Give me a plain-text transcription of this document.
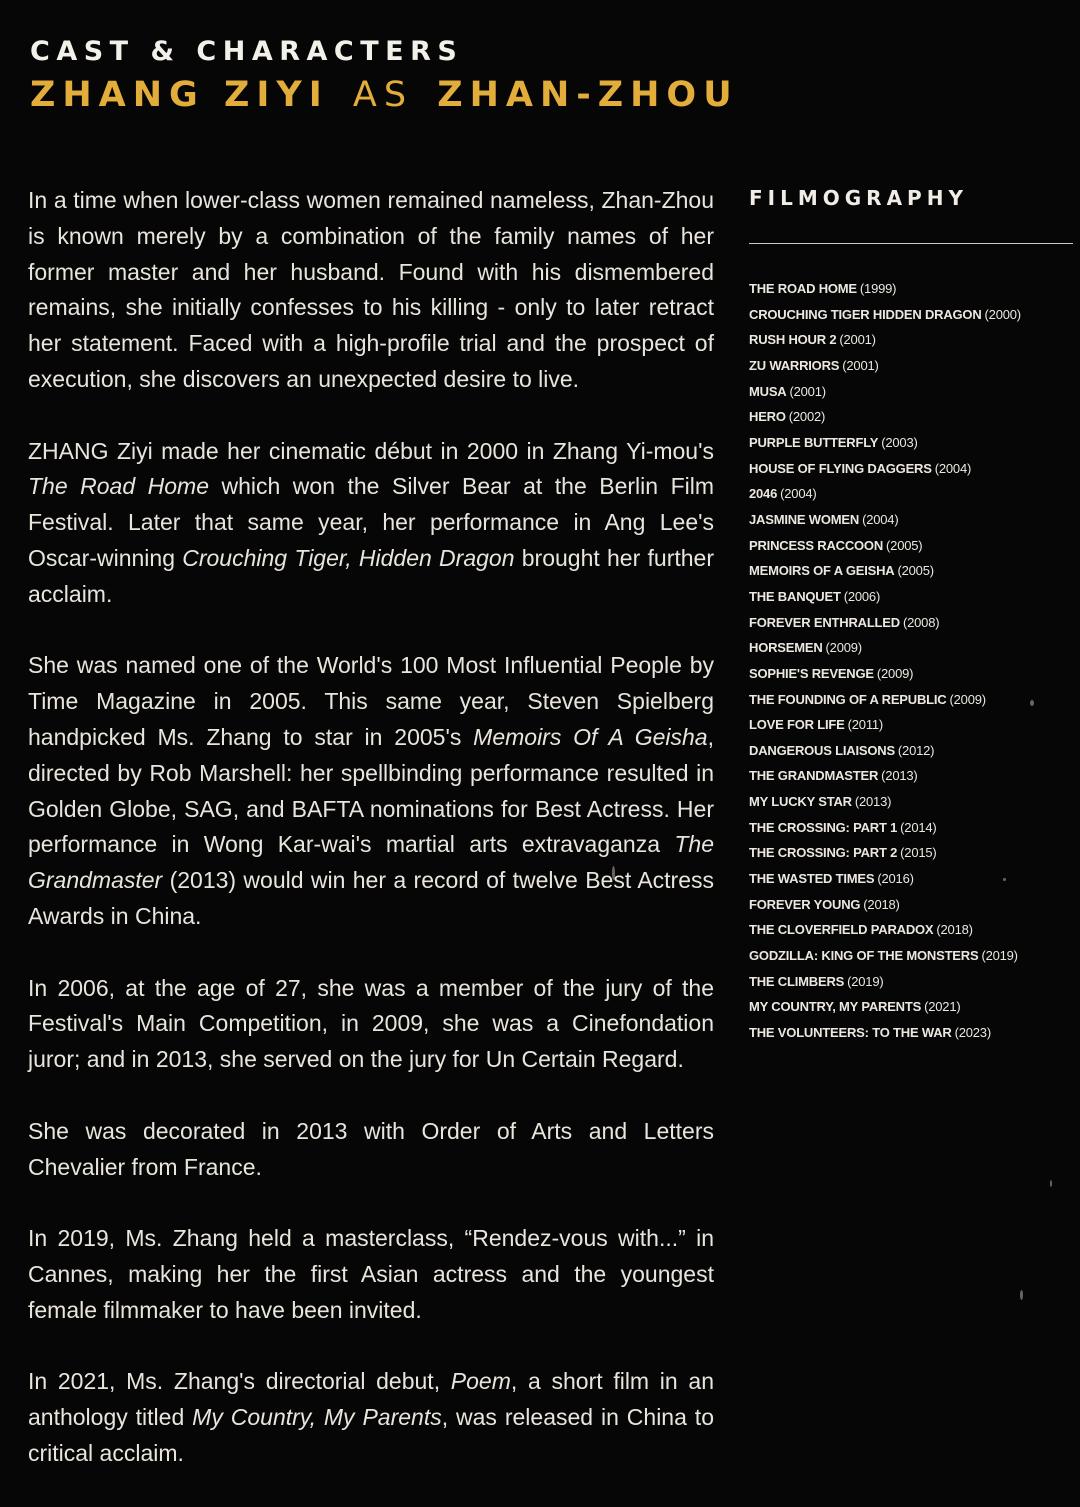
CAST & CHARACTERS
ZHANG ZIYI AS ZHAN-ZHOU

In a time when lower-class women remained nameless, Zhan-Zhou is known merely by a combination of the family names of her former master and her husband. Found with his dismembered remains, she initially confesses to his killing - only to later retract her statement. Faced with a high-profile trial and the prospect of execution, she discovers an unexpected desire to live.

ZHANG Ziyi made her cinematic début in 2000 in Zhang Yi-mou's The Road Home which won the Silver Bear at the Berlin Film Festival. Later that same year, her performance in Ang Lee's Oscar-winning Crouching Tiger, Hidden Dragon brought her further acclaim.

She was named one of the World's 100 Most Influential People by Time Magazine in 2005. This same year, Steven Spielberg handpicked Ms. Zhang to star in 2005's Memoirs Of A Geisha, directed by Rob Marshell: her spellbinding performance resulted in Golden Globe, SAG, and BAFTA nominations for Best Actress. Her performance in Wong Kar-wai's martial arts extravaganza The Grandmaster (2013) would win her a record of twelve Best Actress Awards in China.

In 2006, at the age of 27, she was a member of the jury of the Festival's Main Competition, in 2009, she was a Cinefondation juror; and in 2013, she served on the jury for Un Certain Regard.

She was decorated in 2013 with Order of Arts and Letters Chevalier from France.

In 2019, Ms. Zhang held a masterclass, “Rendez-vous with...” in Cannes, making her the first Asian actress and the youngest female filmmaker to have been invited.

In 2021, Ms. Zhang's directorial debut, Poem, a short film in an anthology titled My Country, My Parents, was released in China to critical acclaim.

FILMOGRAPHY
THE ROAD HOME (1999)
CROUCHING TIGER HIDDEN DRAGON (2000)
RUSH HOUR 2 (2001)
ZU WARRIORS (2001)
MUSA (2001)
HERO (2002)
PURPLE BUTTERFLY (2003)
HOUSE OF FLYING DAGGERS (2004)
2046 (2004)
JASMINE WOMEN (2004)
PRINCESS RACCOON (2005)
MEMOIRS OF A GEISHA (2005)
THE BANQUET (2006)
FOREVER ENTHRALLED (2008)
HORSEMEN (2009)
SOPHIE'S REVENGE (2009)
THE FOUNDING OF A REPUBLIC (2009)
LOVE FOR LIFE (2011)
DANGEROUS LIAISONS (2012)
THE GRANDMASTER (2013)
MY LUCKY STAR (2013)
THE CROSSING: PART 1 (2014)
THE CROSSING: PART 2 (2015)
THE WASTED TIMES (2016)
FOREVER YOUNG (2018)
THE CLOVERFIELD PARADOX (2018)
GODZILLA: KING OF THE MONSTERS (2019)
THE CLIMBERS (2019)
MY COUNTRY, MY PARENTS (2021)
THE VOLUNTEERS: TO THE WAR (2023)
